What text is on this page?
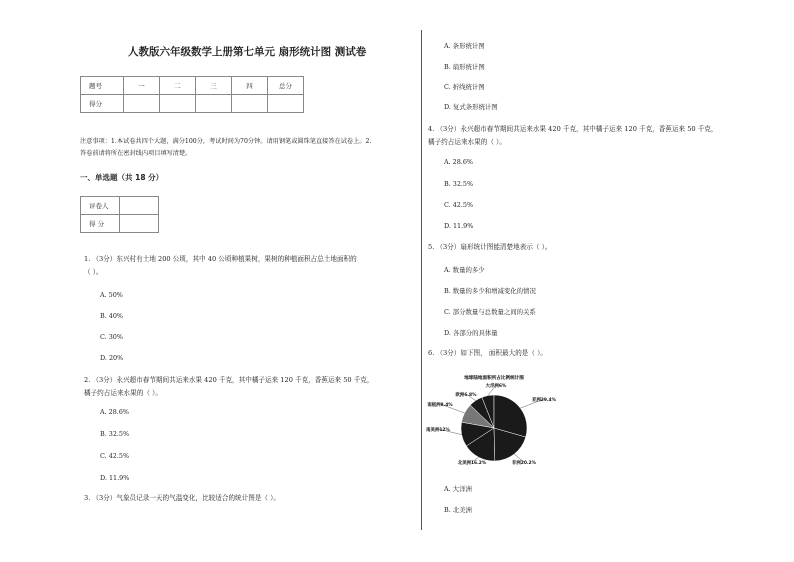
人教版六年级数学上册第七单元 扇形统计图 测试卷
题号	一	二	三	四	总分
得分					
注意事项：1.本试卷共四个大题，满分100分，考试时间为70分钟。请用钢笔或圆珠笔直接答在试卷上。2.
答卷前请将所在密封线内项目填写清楚。
一、单选题（共 18 分）
评卷人	
得 分	
1. （3分）东兴村有土地 200 公顷，其中 40 公顷种植果树，果树的种植面积占总土地面积的
（ ）。
A. 50%
B. 40%
C. 30%
D. 20%
2. （3分）永兴超市春节期间共运来水果 420 千克，其中橘子运来 120 千克，香蕉运来 50 千克，
橘子约占运来水果的（ ）。
A. 28.6%
B. 32.5%
C. 42.5%
D. 11.9%
3. （3分）气象员记录一天的气温变化，比较适合的统计图是（ ）。
A. 条形统计图
B. 扇形统计图
C. 折线统计图
D. 复式条形统计图
4. （3分）永兴超市春节期间共运来水果 420 千克，其中橘子运来 120 千克，香蕉运来 50 千克，
橘子约占运来水果的（ ）。
A. 28.6%
B. 32.5%
C. 42.5%
D. 11.9%
5. （3分）扇形统计图能清楚地表示（ ）。
A. 数量的多少
B. 数量的多少和增减变化的情况
C. 部分数量与总数量之间的关系
D. 各部分的具体量
6. （3分）如下图， 面积最大的是（ ）。
地球陆地面积所占比例统计图
大洋洲6%
欧洲6.8%
南极洲9.4%
南美洲12%
北美洲16.2%	非洲20.2%
亚洲29.4%
A. 大洋洲
B. 北美洲
